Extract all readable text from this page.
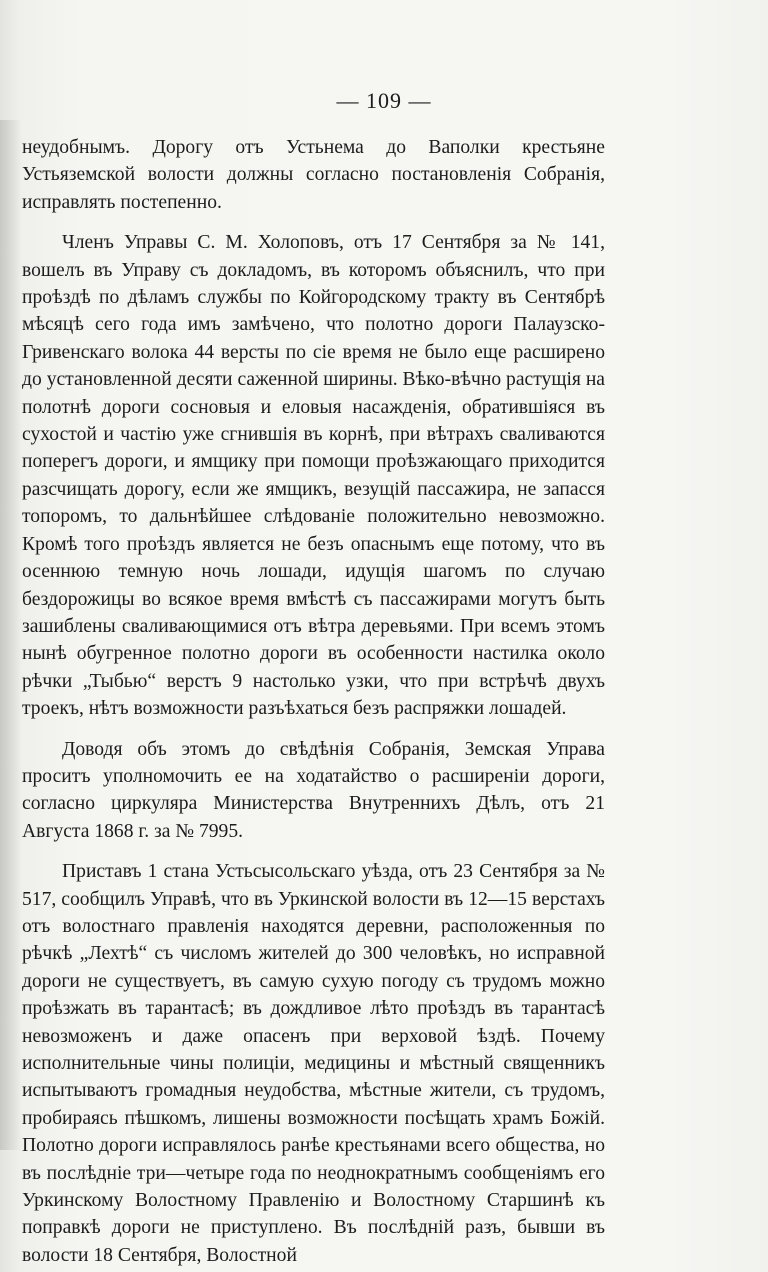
— 109 —

неудобнымъ. Дорогу отъ Устьнема до Ваполки крестьяне Устьяземской волости должны согласно постановленія Собранія, исправлять постепенно.

Членъ Управы С. М. Холоповъ, отъ 17 Сентября за № 141, вошелъ въ Управу съ докладомъ, въ которомъ объяснилъ, что при проѣздѣ по дѣламъ службы по Койгородскому тракту въ Сентябрѣ мѣсяцѣ сего года имъ замѣчено, что полотно дороги Палаузско-Гривенскаго волока 44 версты по сіе время не было еще расширено до установленной десяти саженной ширины. Вѣко-вѣчно растущія на полотнѣ дороги сосновыя и еловыя насажденія, обратившіяся въ сухостой и частію уже сгнившія въ корнѣ, при вѣтрахъ сваливаются поперегъ дороги, и ямщику при помощи проѣзжающаго приходится разсчищать дорогу, если же ямщикъ, везущій пассажира, не запасся топоромъ, то дальнѣйшее слѣдованіе положительно невозможно. Кромѣ того проѣздъ является не безъ опаснымъ еще потому, что въ осеннюю темную ночь лошади, идущія шагомъ по случаю бездорожицы во всякое время вмѣстѣ съ пассажирами могутъ быть зашиблены сваливающимися отъ вѣтра деревьями. При всемъ этомъ нынѣ обугренное полотно дороги въ особенности настилка около рѣчки „Тыбью“ верстъ 9 настолько узки, что при встрѣчѣ двухъ троекъ, нѣтъ возможности разъѣхаться безъ распряжки лошадей.

Доводя объ этомъ до свѣдѣнія Собранія, Земская Управа проситъ уполномочить ее на ходатайство о расширеніи дороги, согласно циркуляра Министерства Внутреннихъ Дѣлъ, отъ 21 Августа 1868 г. за № 7995.

Приставъ 1 стана Устьсысольскаго уѣзда, отъ 23 Сентября за № 517, сообщилъ Управѣ, что въ Уркинской волости въ 12—15 верстахъ отъ волостнаго правленія находятся деревни, расположенныя по рѣчкѣ „Лехтѣ“ съ числомъ жителей до 300 человѣкъ, но исправной дороги не существуетъ, въ самую сухую погоду съ трудомъ можно проѣзжать въ тарантасѣ; въ дождливое лѣто проѣздъ въ тарантасѣ невозможенъ и даже опасенъ при верховой ѣздѣ. Почему исполнительные чины полиціи, медицины и мѣстный священникъ испытываютъ громадныя неудобства, мѣстные жители, съ трудомъ, пробираясь пѣшкомъ, лишены возможности посѣщать храмъ Божій. Полотно дороги исправлялось ранѣе крестьянами всего общества, но въ послѣдніе три—четыре года по неоднократнымъ сообщеніямъ его Уркинскому Волостному Правленію и Волостному Старшинѣ къ поправкѣ дороги не приступлено. Въ послѣдній разъ, бывши въ волости 18 Сентября, Волостной
